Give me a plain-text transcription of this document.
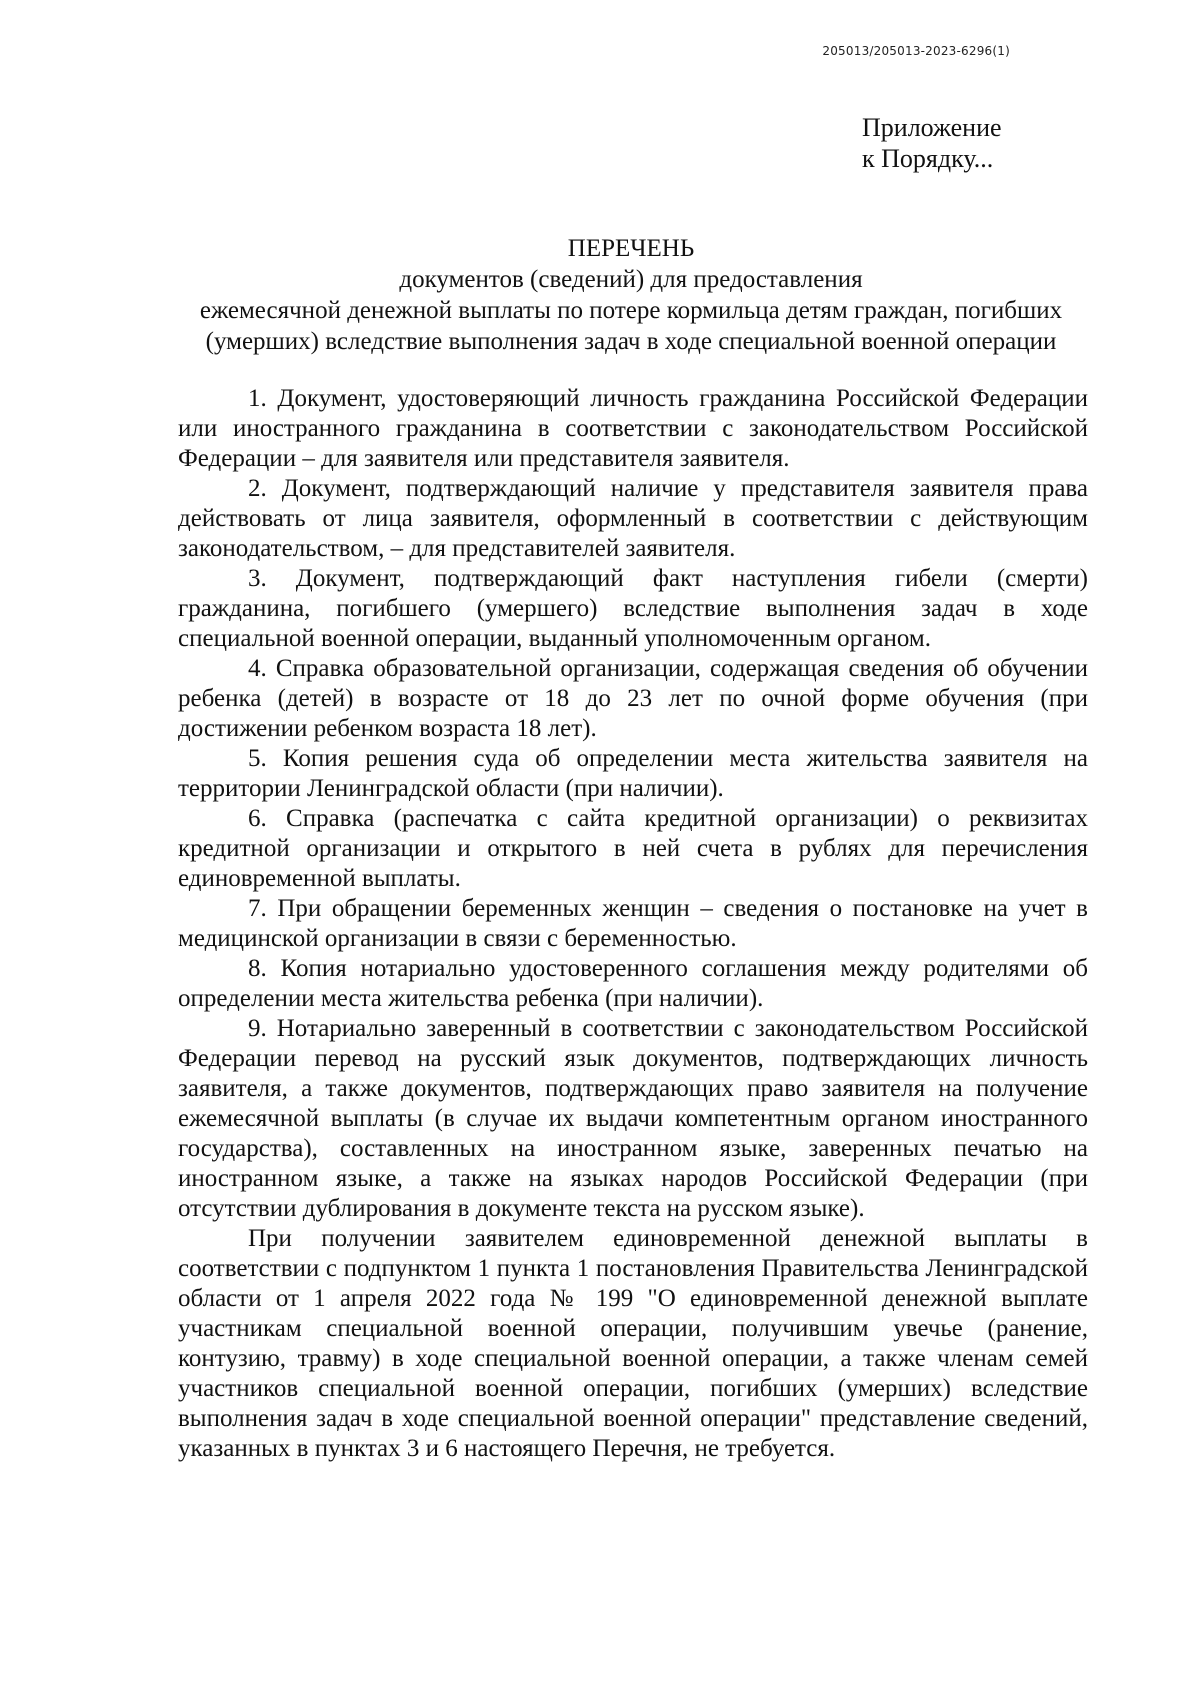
205013/205013-2023-6296(1)
Приложение
к Порядку...
ПЕРЕЧЕНЬ
документов (сведений) для предоставления
ежемесячной денежной выплаты по потере кормильца детям граждан, погибших
(умерших) вследствие выполнения задач в ходе специальной военной операции

1. Документ, удостоверяющий личность гражданина Российской Федерации или иностранного гражданина в соответствии с законодательством Российской Федерации – для заявителя или представителя заявителя.

2. Документ, подтверждающий наличие у представителя заявителя права действовать от лица заявителя, оформленный в соответствии с действующим законодательством, – для представителей заявителя.

3. Документ, подтверждающий факт наступления гибели (смерти) гражданина, погибшего (умершего) вследствие выполнения задач в ходе специальной военной операции, выданный уполномоченным органом.

4. Справка образовательной организации, содержащая сведения об обучении ребенка (детей) в возрасте от 18 до 23 лет по очной форме обучения (при достижении ребенком возраста 18 лет).

5. Копия решения суда об определении места жительства заявителя на территории Ленинградской области (при наличии).

6. Справка (распечатка с сайта кредитной организации) о реквизитах кредитной организации и открытого в ней счета в рублях для перечисления единовременной выплаты.

7. При обращении беременных женщин – сведения о постановке на учет в медицинской организации в связи с беременностью.

8. Копия нотариально удостоверенного соглашения между родителями об определении места жительства ребенка (при наличии).

9. Нотариально заверенный в соответствии с законодательством Российской Федерации перевод на русский язык документов, подтверждающих личность заявителя, а также документов, подтверждающих право заявителя на получение ежемесячной выплаты (в случае их выдачи компетентным органом иностранного государства), составленных на иностранном языке, заверенных печатью на иностранном языке, а также на языках народов Российской Федерации (при отсутствии дублирования в документе текста на русском языке).

При получении заявителем единовременной денежной выплаты в соответствии с подпунктом 1 пункта 1 постановления Правительства Ленинградской области от 1 апреля 2022 года № 199 "О единовременной денежной выплате участникам специальной военной операции, получившим увечье (ранение, контузию, травму) в ходе специальной военной операции, а также членам семей участников специальной военной операции, погибших (умерших) вследствие выполнения задач в ходе специальной военной операции" представление сведений, указанных в пунктах 3 и 6 настоящего Перечня, не требуется.
